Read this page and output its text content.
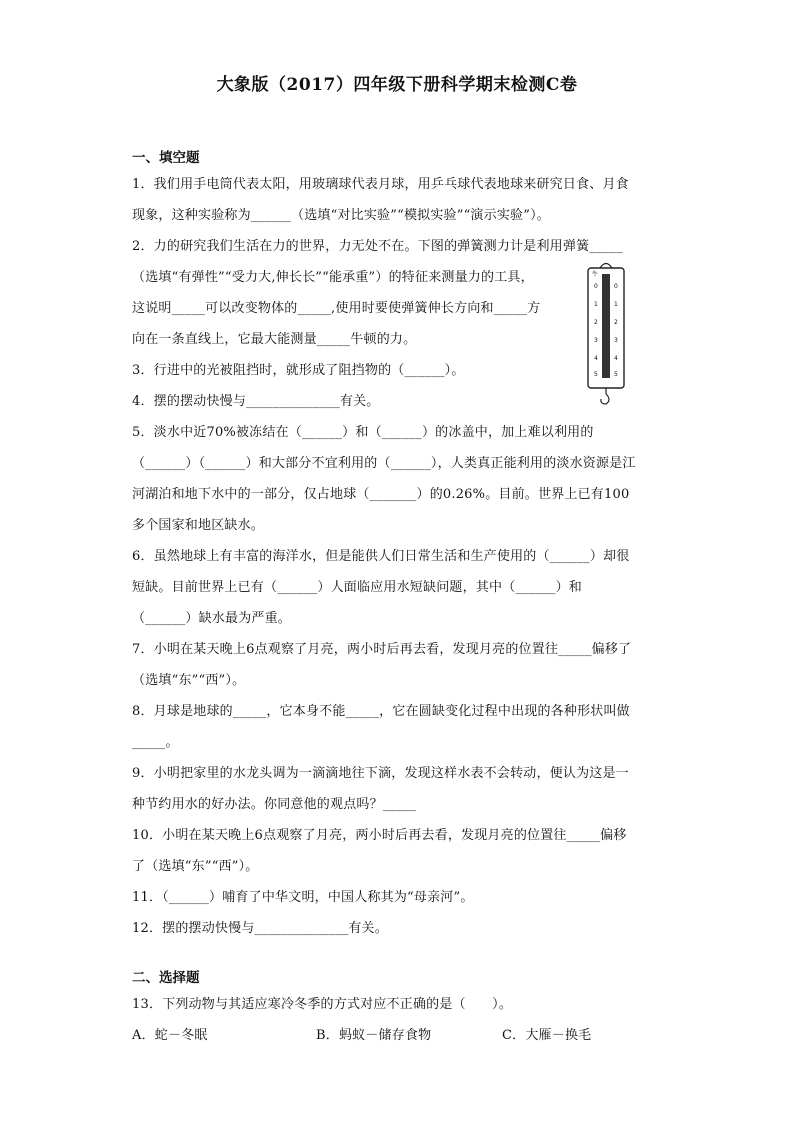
大象版（2017）四年级下册科学期末检测C卷
一、填空题
1．我们用手电筒代表太阳，用玻璃球代表月球，用乒乓球代表地球来研究日食、月食
现象，这种实验称为______（选填“对比实验”“模拟实验”“演示实验”）。
2．力的研究我们生活在力的世界，力无处不在。下图的弹簧测力计是利用弹簧_____
（选填“有弹性”“受力大,伸长长”“能承重”）的特征来测量力的工具，
这说明_____可以改变物体的_____,使用时要使弹簧伸长方向和_____方
向在一条直线上，它最大能测量_____牛顿的力。
3．行进中的光被阻挡时，就形成了阻挡物的（______）。
4．摆的摆动快慢与______________有关。
5．淡水中近70%被冻结在（______）和（______）的冰盖中，加上难以利用的
（______）（______）和大部分不宜利用的（______），人类真正能利用的淡水资源是江
河湖泊和地下水中的一部分，仅占地球（_______）的0.26%。目前。世界上已有100
多个国家和地区缺水。
6．虽然地球上有丰富的海洋水，但是能供人们日常生活和生产使用的（______）却很
短缺。目前世界上已有（______）人面临应用水短缺问题，其中（______）和
（______）缺水最为严重。
7．小明在某天晚上6点观察了月亮，两小时后再去看，发现月亮的位置往_____偏移了
（选填“东”“西”）。
8．月球是地球的_____，它本身不能_____，它在圆缺变化过程中出现的各种形状叫做
_____。
9．小明把家里的水龙头调为一滴滴地往下滴，发现这样水表不会转动，便认为这是一
种节约用水的好办法。你同意他的观点吗？_____
10．小明在某天晚上6点观察了月亮，两小时后再去看，发现月亮的位置往_____偏移
了（选填“东”“西”）。
11．（______）哺育了中华文明，中国人称其为“母亲河”。
12．摆的摆动快慢与______________有关。
二、选择题
13．下列动物与其适应寒冷冬季的方式对应不正确的是（　　）。
A．蛇－冬眠	B．蚂蚁－储存食物	C．大雁－换毛
牛
0
1
2
3
4
5
0
1
2
3
4
5
